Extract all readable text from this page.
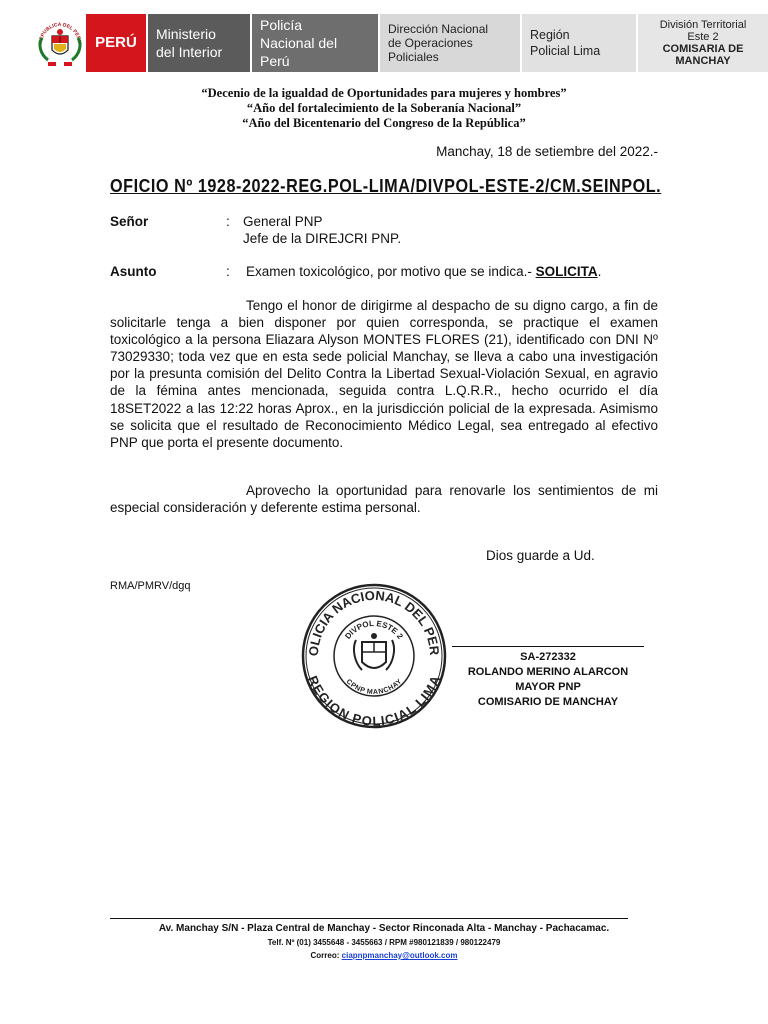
REPUBLICA DEL PERU PERÚ	Ministerio
del Interior
Policía
Nacional del Perú
Dirección Nacional
de Operaciones
Policiales
Región
Policial Lima
División Territorial
Este 2
COMISARIA DE
MANCHAY
“Decenio de la igualdad de Oportunidades para mujeres y hombres”
“Año del fortalecimiento de la Soberanía Nacional”
“Año del Bicentenario del Congreso de la República”
Manchay, 18 de setiembre del 2022.-
OFICIO Nº 1928-2022-REG.POL-LIMA/DIVPOL-ESTE-2/CM.SEINPOL.
Señor	: General PNP
Jefe de la DIREJCRI PNP.
Asunto	: Examen toxicológico, por motivo que se indica.- SOLICITA.
Tengo el honor de dirigirme al despacho de su digno cargo, a fin de solicitarle tenga a bien disponer por quien corresponda, se practique el examen toxicológico a la persona Eliazara Alyson MONTES FLORES (21), identificado con DNI Nº 73029330; toda vez que en esta sede policial Manchay, se lleva a cabo una investigación por la presunta comisión del Delito Contra la Libertad Sexual-Violación Sexual, en agravio de la fémina antes mencionada, seguida contra L.Q.R.R., hecho ocurrido el día 18SET2022 a las 12:22 horas Aprox., en la jurisdicción policial de la expresada. Asimismo se solicita que el resultado de Reconocimiento Médico Legal, sea entregado al efectivo PNP que porta el presente documento.
Aprovecho la oportunidad para renovarle los sentimientos de mi especial consideración y deferente estima personal.
Dios guarde a Ud.
RMA/PMRV/dgq
OLICIA NACIONAL DEL PER
REGION POLICIAL LIMA
DIVPOL ESTE 2
CPNP MANCHAY
SA-272332
ROLANDO MERINO ALARCON
MAYOR PNP
COMISARIO DE MANCHAY
Av. Manchay S/N - Plaza Central de Manchay - Sector Rinconada Alta - Manchay - Pachacamac.
Telf. Nº (01) 3455648 - 3455663 / RPM #980121839 / 980122479
Correo: ciapnpmanchay@outlook.com
